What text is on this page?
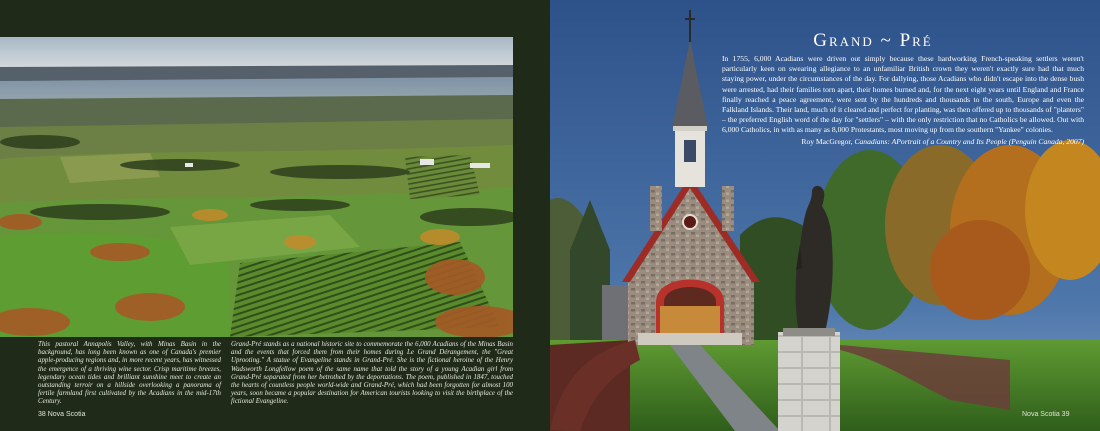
This pastoral Annapolis Valley, with Minas Basin in the background, has long been known as one of Canada's premier apple-producing regions and, in more recent years, has witnessed the emergence of a thriving wine sector. Crisp maritime breezes, legendary ocean tides and brilliant sunshine meet to create an outstanding terroir on a hillside overlooking a panorama of fertile farmland first cultivated by the Acadians in the mid-17th Century.
Grand-Pré stands as a national historic site to commemorate the 6,000 Acadians of the Minas Basin and the events that forced them from their homes during Le Grand Dérangement, the "Great Uprooting." A statue of Evangeline stands in Grand-Pré. She is the fictional heroine of the Henry Wadsworth Longfellow poem of the same name that told the story of a young Acadian girl from Grand-Pré separated from her betrothed by the deportations. The poem, published in 1847, touched the hearts of countless people world-wide and Grand-Pré, which had been forgotten for almost 100 years, soon became a popular destination for American tourists looking to visit the birthplace of the fictional Evangeline.
38 Nova Scotia
Grand ~ Pré
In 1755, 6,000 Acadians were driven out simply because these hardworking French-speaking settlers weren't particularly keen on swearing allegiance to an unfamiliar British crown they weren't exactly sure had that much staying power, under the circumstances of the day. For dallying, those Acadians who didn't escape into the dense bush were arrested, had their families torn apart, their homes burned and, for the next eight years until England and France finally reached a peace agreement, were sent by the hundreds and thousands to the south, Europe and even the Falkland Islands. Their land, much of it cleared and perfect for planting, was then offered up to thousands of "planters" – the preferred English word of the day for "settlers" – with the only restriction that no Catholics be allowed. Out with 6,000 Catholics, in with as many as 8,000 Protestants, most moving up from the southern "Yankee" colonies.
Roy MacGregor, Canadians: APortrait of a Country and Its People (Penguin Canada, 2007)
Nova Scotia 39
